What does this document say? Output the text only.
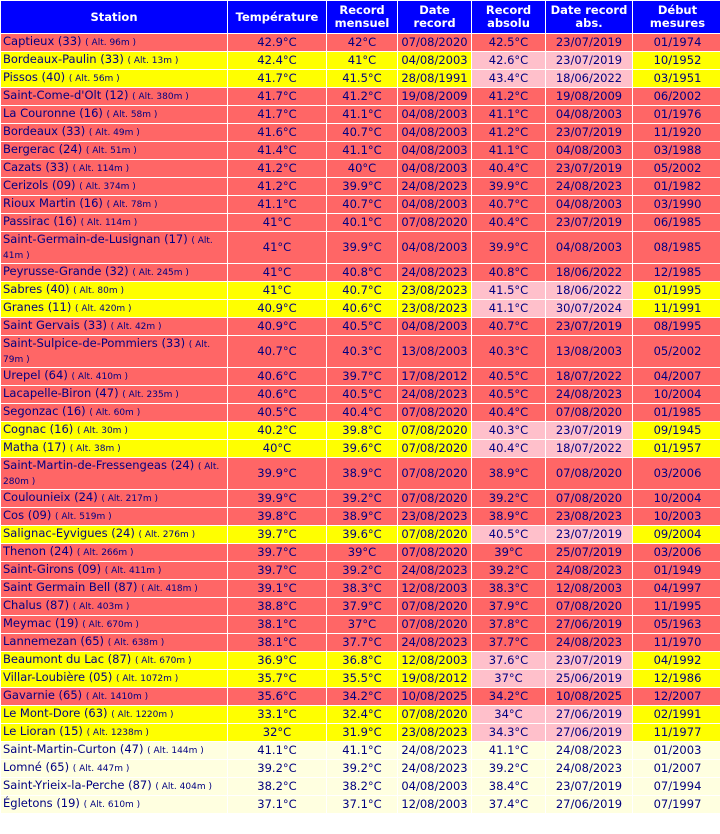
Station	Température	Record mensuel	Date record	Record absolu	Date record abs.	Début mesures
Captieux (33) ( Alt. 96m )	42.9°C	42°C	07/08/2020	42.5°C	23/07/2019	01/1974
Bordeaux-Paulin (33) ( Alt. 13m )	42.4°C	41°C	04/08/2003	42.6°C	23/07/2019	10/1952
Pissos (40) ( Alt. 56m )	41.7°C	41.5°C	28/08/1991	43.4°C	18/06/2022	03/1951
Saint-Come-d'Olt (12) ( Alt. 380m )	41.7°C	41.2°C	19/08/2009	41.2°C	19/08/2009	06/2002
La Couronne (16) ( Alt. 58m )	41.7°C	41.1°C	04/08/2003	41.1°C	04/08/2003	01/1976
Bordeaux (33) ( Alt. 49m )	41.6°C	40.7°C	04/08/2003	41.2°C	23/07/2019	11/1920
Bergerac (24) ( Alt. 51m )	41.4°C	41.1°C	04/08/2003	41.1°C	04/08/2003	03/1988
Cazats (33) ( Alt. 114m )	41.2°C	40°C	04/08/2003	40.4°C	23/07/2019	05/2002
Cerizols (09) ( Alt. 374m )	41.2°C	39.9°C	24/08/2023	39.9°C	24/08/2023	01/1982
Rioux Martin (16) ( Alt. 78m )	41.1°C	40.7°C	04/08/2003	40.7°C	04/08/2003	03/1990
Passirac (16) ( Alt. 114m )	41°C	40.1°C	07/08/2020	40.4°C	23/07/2019	06/1985
Saint-Germain-de-Lusignan (17) ( Alt. 41m )	41°C	39.9°C	04/08/2003	39.9°C	04/08/2003	08/1985
Peyrusse-Grande (32) ( Alt. 245m )	41°C	40.8°C	24/08/2023	40.8°C	18/06/2022	12/1985
Sabres (40) ( Alt. 80m )	41°C	40.7°C	23/08/2023	41.5°C	18/06/2022	01/1995
Granes (11) ( Alt. 420m )	40.9°C	40.6°C	23/08/2023	41.1°C	30/07/2024	11/1991
Saint Gervais (33) ( Alt. 42m )	40.9°C	40.5°C	04/08/2003	40.7°C	23/07/2019	08/1995
Saint-Sulpice-de-Pommiers (33) ( Alt. 79m )	40.7°C	40.3°C	13/08/2003	40.3°C	13/08/2003	05/2002
Urepel (64) ( Alt. 410m )	40.6°C	39.7°C	17/08/2012	40.5°C	18/07/2022	04/2007
Lacapelle-Biron (47) ( Alt. 235m )	40.6°C	40.5°C	24/08/2023	40.5°C	24/08/2023	10/2004
Segonzac (16) ( Alt. 60m )	40.5°C	40.4°C	07/08/2020	40.4°C	07/08/2020	01/1985
Cognac (16) ( Alt. 30m )	40.2°C	39.8°C	07/08/2020	40.3°C	23/07/2019	09/1945
Matha (17) ( Alt. 38m )	40°C	39.6°C	07/08/2020	40.4°C	18/07/2022	01/1957
Saint-Martin-de-Fressengeas (24) ( Alt. 280m )	39.9°C	38.9°C	07/08/2020	38.9°C	07/08/2020	03/2006
Coulounieix (24) ( Alt. 217m )	39.9°C	39.2°C	07/08/2020	39.2°C	07/08/2020	10/2004
Cos (09) ( Alt. 519m )	39.8°C	38.9°C	23/08/2023	38.9°C	23/08/2023	10/2003
Salignac-Eyvigues (24) ( Alt. 276m )	39.7°C	39.6°C	07/08/2020	40.5°C	23/07/2019	09/2004
Thenon (24) ( Alt. 266m )	39.7°C	39°C	07/08/2020	39°C	25/07/2019	03/2006
Saint-Girons (09) ( Alt. 411m )	39.7°C	39.2°C	24/08/2023	39.2°C	24/08/2023	01/1949
Saint Germain Bell (87) ( Alt. 418m )	39.1°C	38.3°C	12/08/2003	38.3°C	12/08/2003	04/1997
Chalus (87) ( Alt. 403m )	38.8°C	37.9°C	07/08/2020	37.9°C	07/08/2020	11/1995
Meymac (19) ( Alt. 670m )	38.1°C	37°C	07/08/2020	37.8°C	27/06/2019	05/1963
Lannemezan (65) ( Alt. 638m )	38.1°C	37.7°C	24/08/2023	37.7°C	24/08/2023	11/1970
Beaumont du Lac (87) ( Alt. 670m )	36.9°C	36.8°C	12/08/2003	37.6°C	23/07/2019	04/1992
Villar-Loubière (05) ( Alt. 1072m )	35.7°C	35.5°C	19/08/2012	37°C	25/06/2019	12/1986
Gavarnie (65) ( Alt. 1410m )	35.6°C	34.2°C	10/08/2025	34.2°C	10/08/2025	12/2007
Le Mont-Dore (63) ( Alt. 1220m )	33.1°C	32.4°C	07/08/2020	34°C	27/06/2019	02/1991
Le Lioran (15) ( Alt. 1238m )	32°C	31.9°C	23/08/2023	34.3°C	27/06/2019	11/1977
Saint-Martin-Curton (47) ( Alt. 144m )	41.1°C	41.1°C	24/08/2023	41.1°C	24/08/2023	01/2003
Lomné (65) ( Alt. 447m )	39.2°C	39.2°C	24/08/2023	39.2°C	24/08/2023	01/2007
Saint-Yrieix-la-Perche (87) ( Alt. 404m )	38.2°C	38.2°C	04/08/2003	38.4°C	23/07/2019	07/1994
Égletons (19) ( Alt. 610m )	37.1°C	37.1°C	12/08/2003	37.4°C	27/06/2019	07/1997
